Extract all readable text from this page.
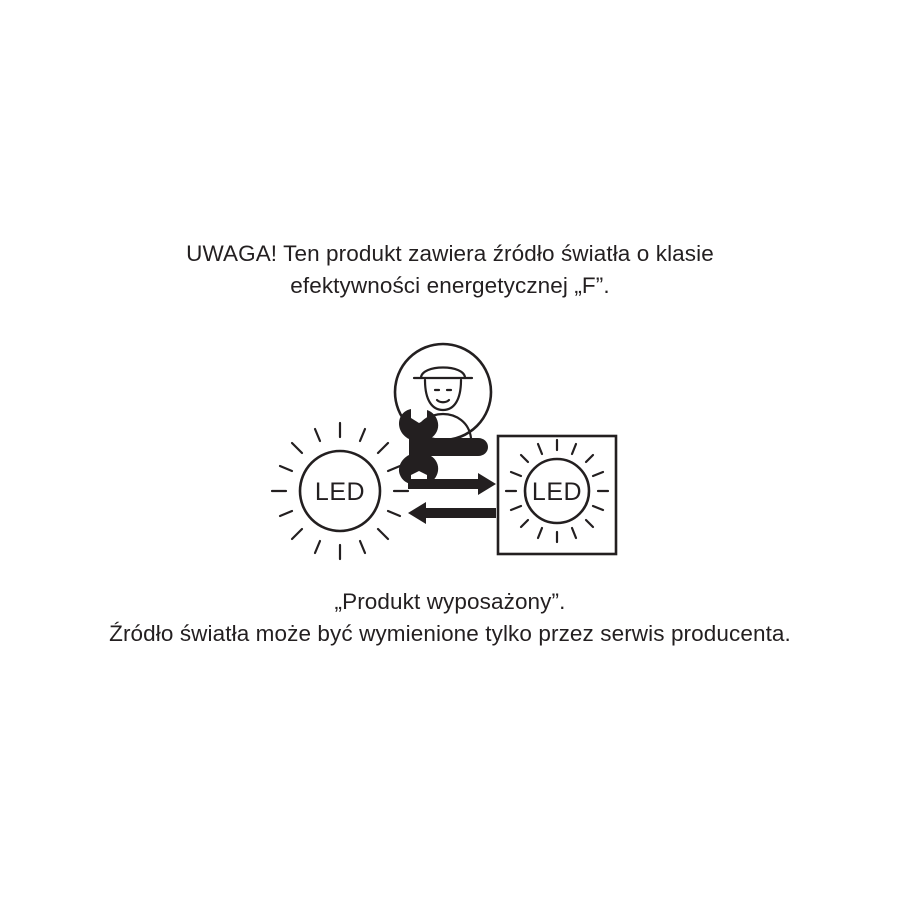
UWAGA! Ten produkt zawiera źródło światła o klasie
efektywności energetycznej „F”.
LED	LED
„Produkt wyposażony”.
Źródło światła może być wymienione tylko przez serwis producenta.
